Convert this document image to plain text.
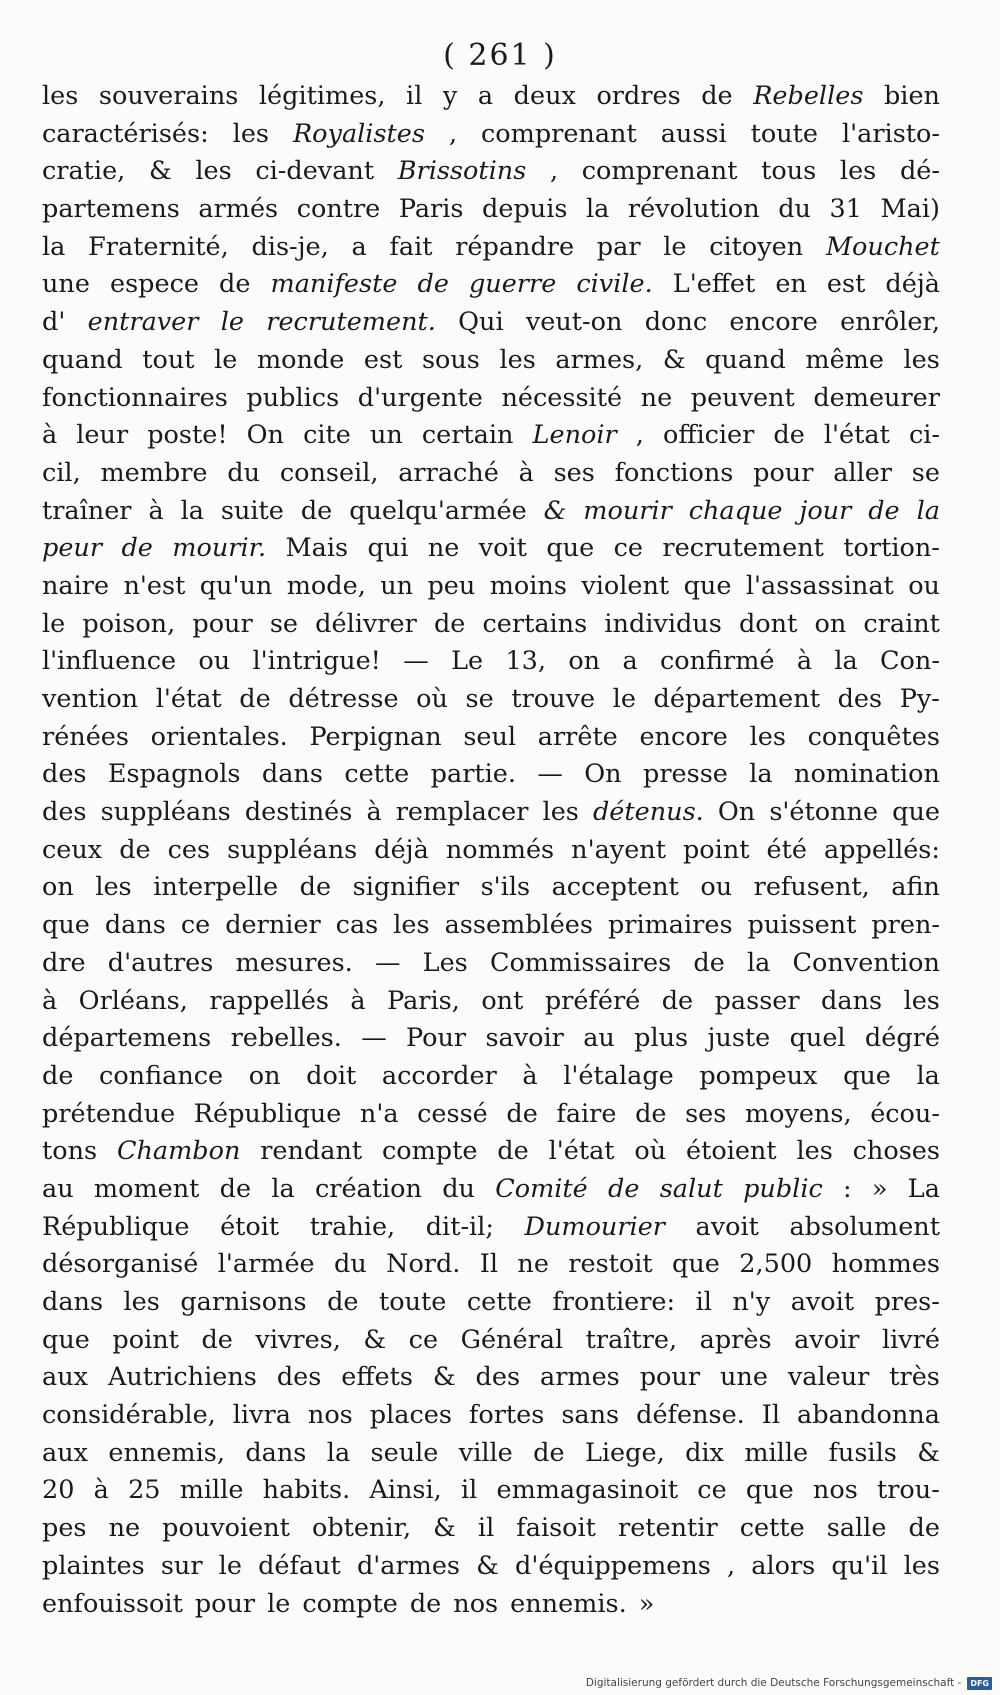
( 261 )
les souverains légitimes, il y a deux ordres de Rebelles bien
caractérisés: les Royalistes , comprenant aussi toute l'aristo-
cratie, & les ci-devant Brissotins , comprenant tous les dé-
partemens armés contre Paris depuis la révolution du 31 Mai)
la Fraternité, dis-je, a fait répandre par le citoyen Mouchet
une espece de manifeste de guerre civile. L'effet en est déjà
d' entraver le recrutement. Qui veut-on donc encore enrôler,
quand tout le monde est sous les armes, & quand même les
fonctionnaires publics d'urgente nécessité ne peuvent demeurer
à leur poste! On cite un certain Lenoir , officier de l'état ci-
cil, membre du conseil, arraché à ses fonctions pour aller se
traîner à la suite de quelqu'armée & mourir chaque jour de la
peur de mourir. Mais qui ne voit que ce recrutement tortion-
naire n'est qu'un mode, un peu moins violent que l'assassinat ou
le poison, pour se délivrer de certains individus dont on craint
l'influence ou l'intrigue! — Le 13, on a confirmé à la Con-
vention l'état de détresse où se trouve le département des Py-
rénées orientales. Perpignan seul arrête encore les conquêtes
des Espagnols dans cette partie. — On presse la nomination
des suppléans destinés à remplacer les détenus. On s'étonne que
ceux de ces suppléans déjà nommés n'ayent point été appellés:
on les interpelle de signifier s'ils acceptent ou refusent, afin
que dans ce dernier cas les assemblées primaires puissent pren-
dre d'autres mesures. — Les Commissaires de la Convention
à Orléans, rappellés à Paris, ont préféré de passer dans les
départemens rebelles. — Pour savoir au plus juste quel dégré
de confiance on doit accorder à l'étalage pompeux que la
prétendue République n'a cessé de faire de ses moyens, écou-
tons Chambon rendant compte de l'état où étoient les choses
au moment de la création du Comité de salut public : » La
République étoit trahie, dit-il; Dumourier avoit absolument
désorganisé l'armée du Nord. Il ne restoit que 2,500 hommes
dans les garnisons de toute cette frontiere: il n'y avoit pres-
que point de vivres, & ce Général traître, après avoir livré
aux Autrichiens des effets & des armes pour une valeur très
considérable, livra nos places fortes sans défense. Il abandonna
aux ennemis, dans la seule ville de Liege, dix mille fusils &
20 à 25 mille habits. Ainsi, il emmagasinoit ce que nos trou-
pes ne pouvoient obtenir, & il faisoit retentir cette salle de
plaintes sur le défaut d'armes & d'équippemens , alors qu'il les
enfouissoit pour le compte de nos ennemis. »
Digitalisierung gefördert durch die Deutsche Forschungsgemeinschaft -	DFG
